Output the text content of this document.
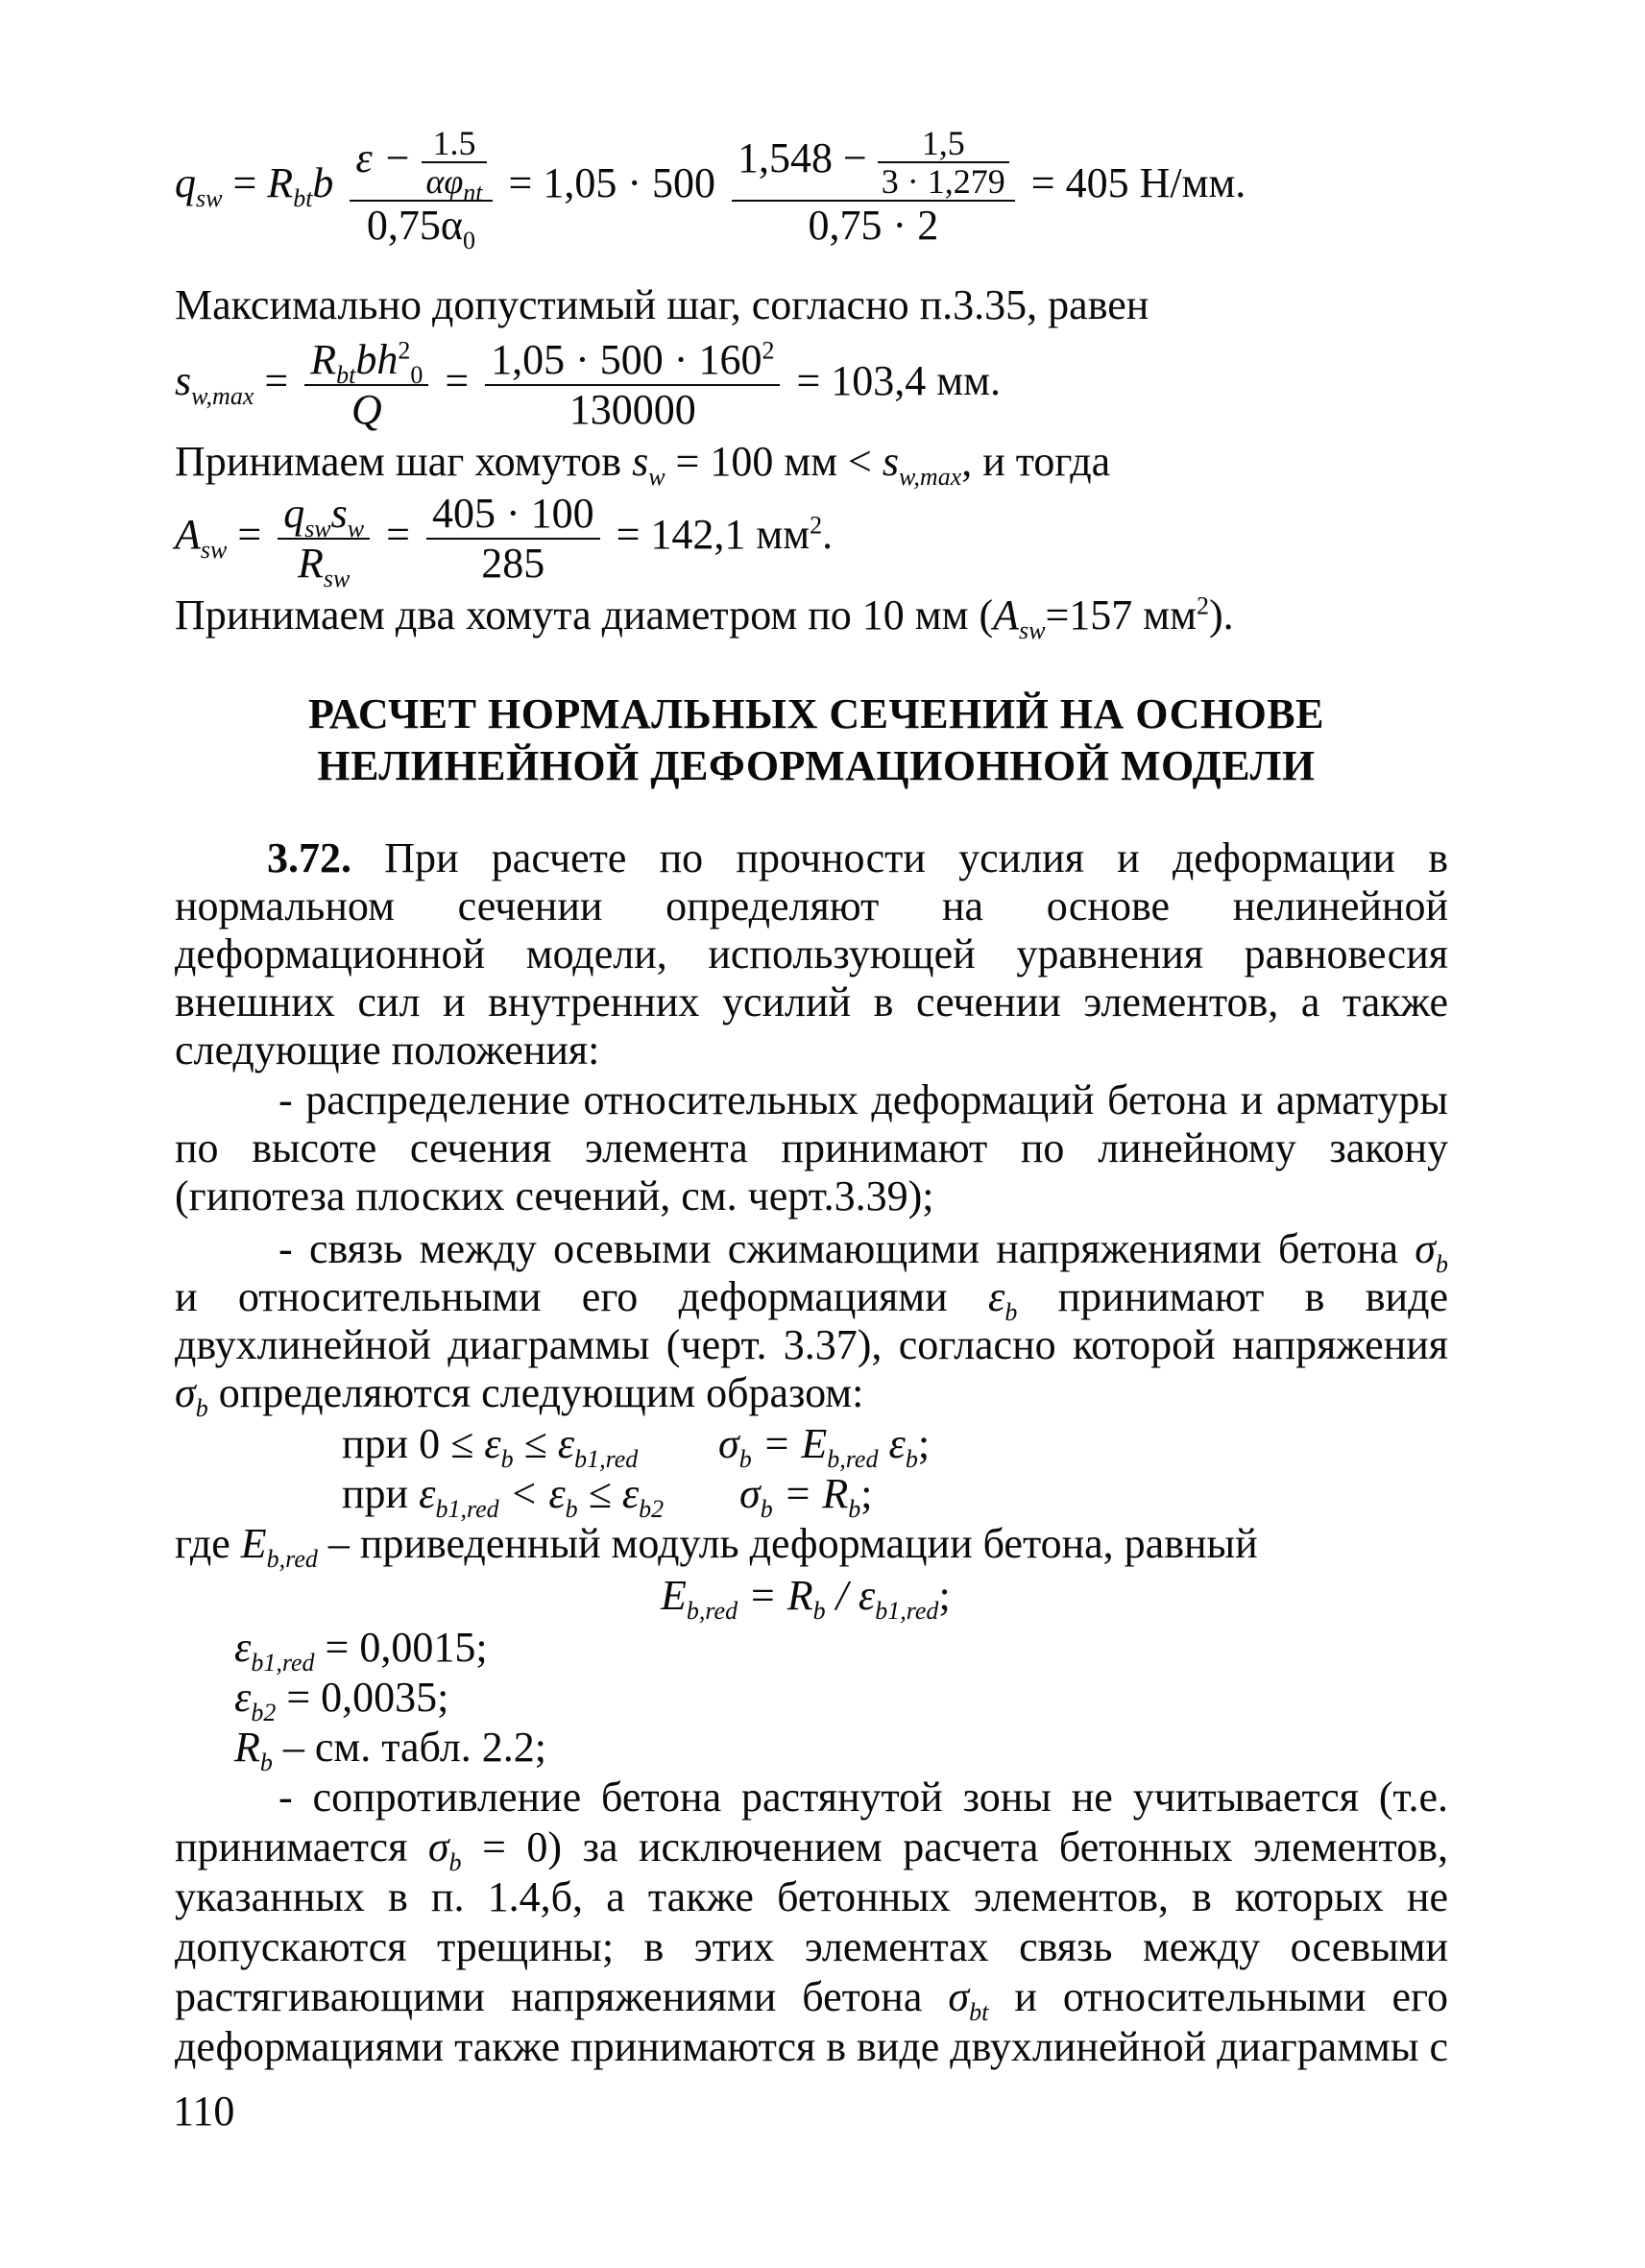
$q_{sw} = R_{bt}b$ ε − 1.5
$\alpha\varphi_{nt}$
$0,75\alpha_0 = 1,05 \cdot 500 \frac{1,548 - \frac{1,5}{3 \cdot 1,279}}{0,75 \cdot 2} = 405$ Н/мм.
Максимально допустимый шаг, согласно п.3.35, равен
$s_{w,max} = \frac{R_{bt}bh^2_0}{Q} = \frac{1,05 \cdot 500 \cdot 160^2}{130000} = 103,4$ мм.
Принимаем шаг хомутов $s_w = 100$ мм < $s_{w,max}$, и тогда
$A_{sw} = \frac{q_{sw}s_w}{R_{sw}} = \frac{405 \cdot 100}{285} = 142,1$ $мм^2$.
Принимаем два хомута диаметром по 10 мм ($A_{sw}=157$ $мм^2$).
РАСЧЕТ НОРМАЛЬНЫХ СЕЧЕНИЙ НА ОСНОВЕ
НЕЛИНЕЙНОЙ ДЕФОРМАЦИОННОЙ МОДЕЛИ
3.72. При расчете по прочности усилия и деформации в
нормальном сечении определяют на основе нелинейной
деформационной модели, использующей уравнения равновесия
внешних сил и внутренних усилий в сечении элементов, а также
следующие положения:
- распределение относительных деформаций бетона и арматуры
по высоте сечения элемента принимают по линейному закону
(гипотеза плоских сечений, см. черт.3.39);
- связь между осевыми сжимающими напряжениями бетона $\sigma_b$
и относительными его деформациями $\varepsilon_b$ принимают в виде
двухлинейной диаграммы (черт. 3.37), согласно которой напряжения
$\sigma_b$ определяются следующим образом:
при $0 \le \varepsilon_b \le \varepsilon_{b1,red}$ $\sigma_b = E_{b,red}$ $\varepsilon_b$;
при $\varepsilon_{b1,red} < \varepsilon_b \le \varepsilon_{b2}$ $\sigma_b = R_b$;
где $E_{b,red}$ – приведенный модуль деформации бетона, равный
$E_{b,red} = R_b / \varepsilon_{b1,red}$;
$\varepsilon_{b1,red} = 0,0015$;
$\varepsilon_{b2} = 0,0035$;
$R_b$ – см. табл. 2.2;
- сопротивление бетона растянутой зоны не учитывается (т.е.
принимается $\sigma_b = 0$) за исключением расчета бетонных элементов,
указанных в п. 1.4,б, а также бетонных элементов, в которых не
допускаются трещины; в этих элементах связь между осевыми
растягивающими напряжениями бетона $\sigma_{bt}$ и относительными его
деформациями также принимаются в виде двухлинейной диаграммы с
110
